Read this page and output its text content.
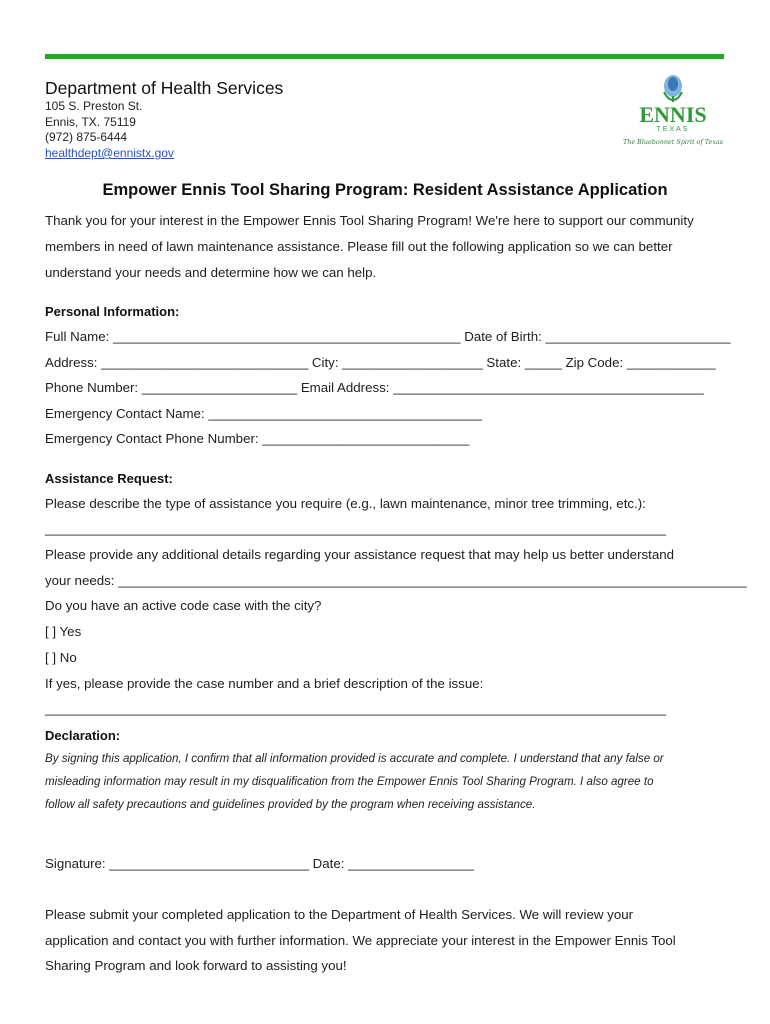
Department of Health Services
105 S. Preston St.
Ennis, TX. 75119
(972) 875-6444
healthdept@ennistx.gov
ENNIS
TEXAS
The Bluebonnet Spirit of Texas
Empower Ennis Tool Sharing Program: Resident Assistance Application
Thank you for your interest in the Empower Ennis Tool Sharing Program! We're here to support our community
members in need of lawn maintenance assistance. Please fill out the following application so we can better
understand your needs and determine how we can help.
Personal Information:
Full Name: _______________________________________________ Date of Birth: _________________________
Address: ____________________________ City: ___________________ State: _____ Zip Code: ____________
Phone Number: _____________________ Email Address: __________________________________________
Emergency Contact Name: _____________________________________
Emergency Contact Phone Number: ____________________________
Assistance Request:
Please describe the type of assistance you require (e.g., lawn maintenance, minor tree trimming, etc.):
____________________________________________________________________________________
Please provide any additional details regarding your assistance request that may help us better understand
your needs: _____________________________________________________________________________________
Do you have an active code case with the city?
[ ] Yes
[ ] No
If yes, please provide the case number and a brief description of the issue:
____________________________________________________________________________________
Declaration:
By signing this application, I confirm that all information provided is accurate and complete. I understand that any false or
misleading information may result in my disqualification from the Empower Ennis Tool Sharing Program. I also agree to
follow all safety precautions and guidelines provided by the program when receiving assistance.
Signature: ___________________________ Date: _________________
Please submit your completed application to the Department of Health Services. We will review your
application and contact you with further information. We appreciate your interest in the Empower Ennis Tool
Sharing Program and look forward to assisting you!
